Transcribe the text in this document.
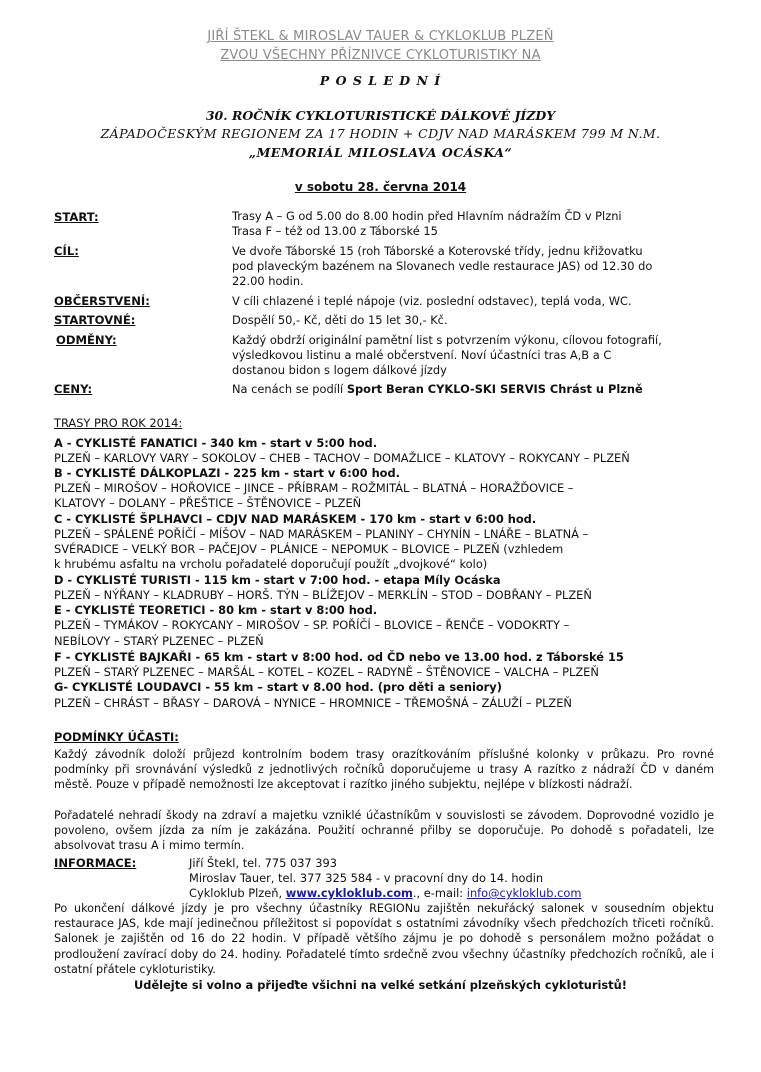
JIŘÍ ŠTEKL & MIROSLAV TAUER & CYKLOKLUB PLZEŇ
ZVOU VŠECHNY PŘÍZNIVCE CYKLOTURISTIKY NA
P O S L E D N Í
30. ROČNÍK CYKLOTURISTICKÉ DÁLKOVÉ JÍZDY
ZÁPADOČESKÝM REGIONEM ZA 17 HODIN + CDJV NAD MARÁSKEM 799 M N.M.
„MEMORIÁL MILOSLAVA OCÁSKA“
v sobotu 28. června 2014
START:	Trasy A – G od 5.00 do 8.00 hodin před Hlavním nádražím ČD v Plzni
Trasa F – též od 13.00 z Táborské 15
CÍL:	Ve dvoře Táborské 15 (roh Táborské a Koterovské třídy, jednu křižovatku
pod plaveckým bazénem na Slovanech vedle restaurace JAS) od 12.30 do
22.00 hodin.
OBČERSTVENÍ:	V cíli chlazené i teplé nápoje (viz. poslední odstavec), teplá voda, WC.
STARTOVNÉ:	Dospělí 50,- Kč, děti do 15 let 30,- Kč.
ODMĚNY:	Každý obdrží originální pamětní list s potvrzením výkonu, cílovou fotografií,
výsledkovou listinu a malé občerstvení. Noví účastníci tras A,B a C
dostanou bidon s logem dálkové jízdy
CENY:	Na cenách se podílí Sport Beran CYKLO-SKI SERVIS Chrást u Plzně
TRASY PRO ROK 2014:
A - CYKLISTÉ FANATICI - 340 km - start v 5:00 hod.
PLZEŇ – KARLOVY VARY – SOKOLOV – CHEB – TACHOV – DOMAŽLICE – KLATOVY – ROKYCANY – PLZEŇ
B - CYKLISTÉ DÁLKOPLAZI - 225 km - start v 6:00 hod.
PLZEŇ – MIROŠOV – HOŘOVICE – JINCE – PŘÍBRAM – ROŽMITÁL – BLATNÁ – HORAŽĎOVICE –
KLATOVY – DOLANY – PŘEŠTICE – ŠTĚNOVICE – PLZEŇ
C - CYKLISTÉ ŠPLHAVCI – CDJV NAD MARÁSKEM - 170 km - start v 6:00 hod.
PLZEŇ – SPÁLENÉ POŘÍČÍ – MÍŠOV – NAD MARÁSKEM – PLANINY – CHYNÍN – LNÁŘE – BLATNÁ –
SVÉRADICE – VELKÝ BOR – PAČEJOV – PLÁNICE – NEPOMUK – BLOVICE – PLZEŇ (vzhledem
k hrubému asfaltu na vrcholu pořadatelé doporučují použít „dvojkové“ kolo)
D - CYKLISTÉ TURISTI - 115 km - start v 7:00 hod. - etapa Míly Ocáska
PLZEŇ – NÝŘANY – KLADRUBY – HORŠ. TÝN – BLÍŽEJOV – MERKLÍN – STOD – DOBŘANY – PLZEŇ
E - CYKLISTÉ TEORETICI - 80 km - start v 8:00 hod.
PLZEŇ – TYMÁKOV – ROKYCANY – MIROŠOV – SP. POŘÍČÍ – BLOVICE – ŘENČE – VODOKRTY –
NEBÍLOVY – STARÝ PLZENEC – PLZEŇ
F - CYKLISTÉ BAJKAŘI - 65 km - start v 8:00 hod. od ČD nebo ve 13.00 hod. z Táborské 15
PLZEŇ – STARÝ PLZENEC – MARŠÁL – KOTEL – KOZEL – RADYNĚ – ŠTĚNOVICE – VALCHA – PLZEŇ
G- CYKLISTÉ LOUDAVCI - 55 km – start v 8.00 hod. (pro děti a seniory)
PLZEŇ – CHRÁST – BŘASY – DAROVÁ – NYNICE – HROMNICE – TŘEMOŠNÁ – ZÁLUŽÍ – PLZEŇ
PODMÍNKY ÚČASTI:
Každý závodník doloží průjezd kontrolním bodem trasy orazítkováním příslušné kolonky v průkazu. Pro rovné podmínky při srovnávání výsledků z jednotlivých ročníků doporučujeme u trasy A razítko z nádraží ČD v daném městě. Pouze v případě nemožnosti lze akceptovat i razítko jiného subjektu, nejlépe v blízkosti nádraží.
Pořadatelé nehradí škody na zdraví a majetku vzniklé účastníkům v souvislosti se závodem. Doprovodné vozidlo je povoleno, ovšem jízda za ním je zakázána. Použití ochranné přilby se doporučuje. Po dohodě s pořadateli, lze absolvovat trasu A i mimo termín.
INFORMACE:	Jiří Štekl, tel. 775 037 393
Miroslav Tauer, tel. 377 325 584 - v pracovní dny do 14. hodin
Cykloklub Plzeň, www.cykloklub.com., e-mail: info@cykloklub.com
Po ukončení dálkové jízdy je pro všechny účastníky REGIONu zajištěn nekuřácký salonek v sousedním objektu restaurace JAS, kde mají jedinečnou příležitost si popovídat s ostatními závodníky všech předchozích třiceti ročníků. Salonek je zajištěn od 16 do 22 hodin. V případě většího zájmu je po dohodě s personálem možno požádat o prodloužení zavírací doby do 24. hodiny. Pořadatelé tímto srdečně zvou všechny účastníky předchozích ročníků, ale i ostatní přátele cykloturistiky.
Udělejte si volno a přijeďte všichni na velké setkání plzeňských cykloturistů!
